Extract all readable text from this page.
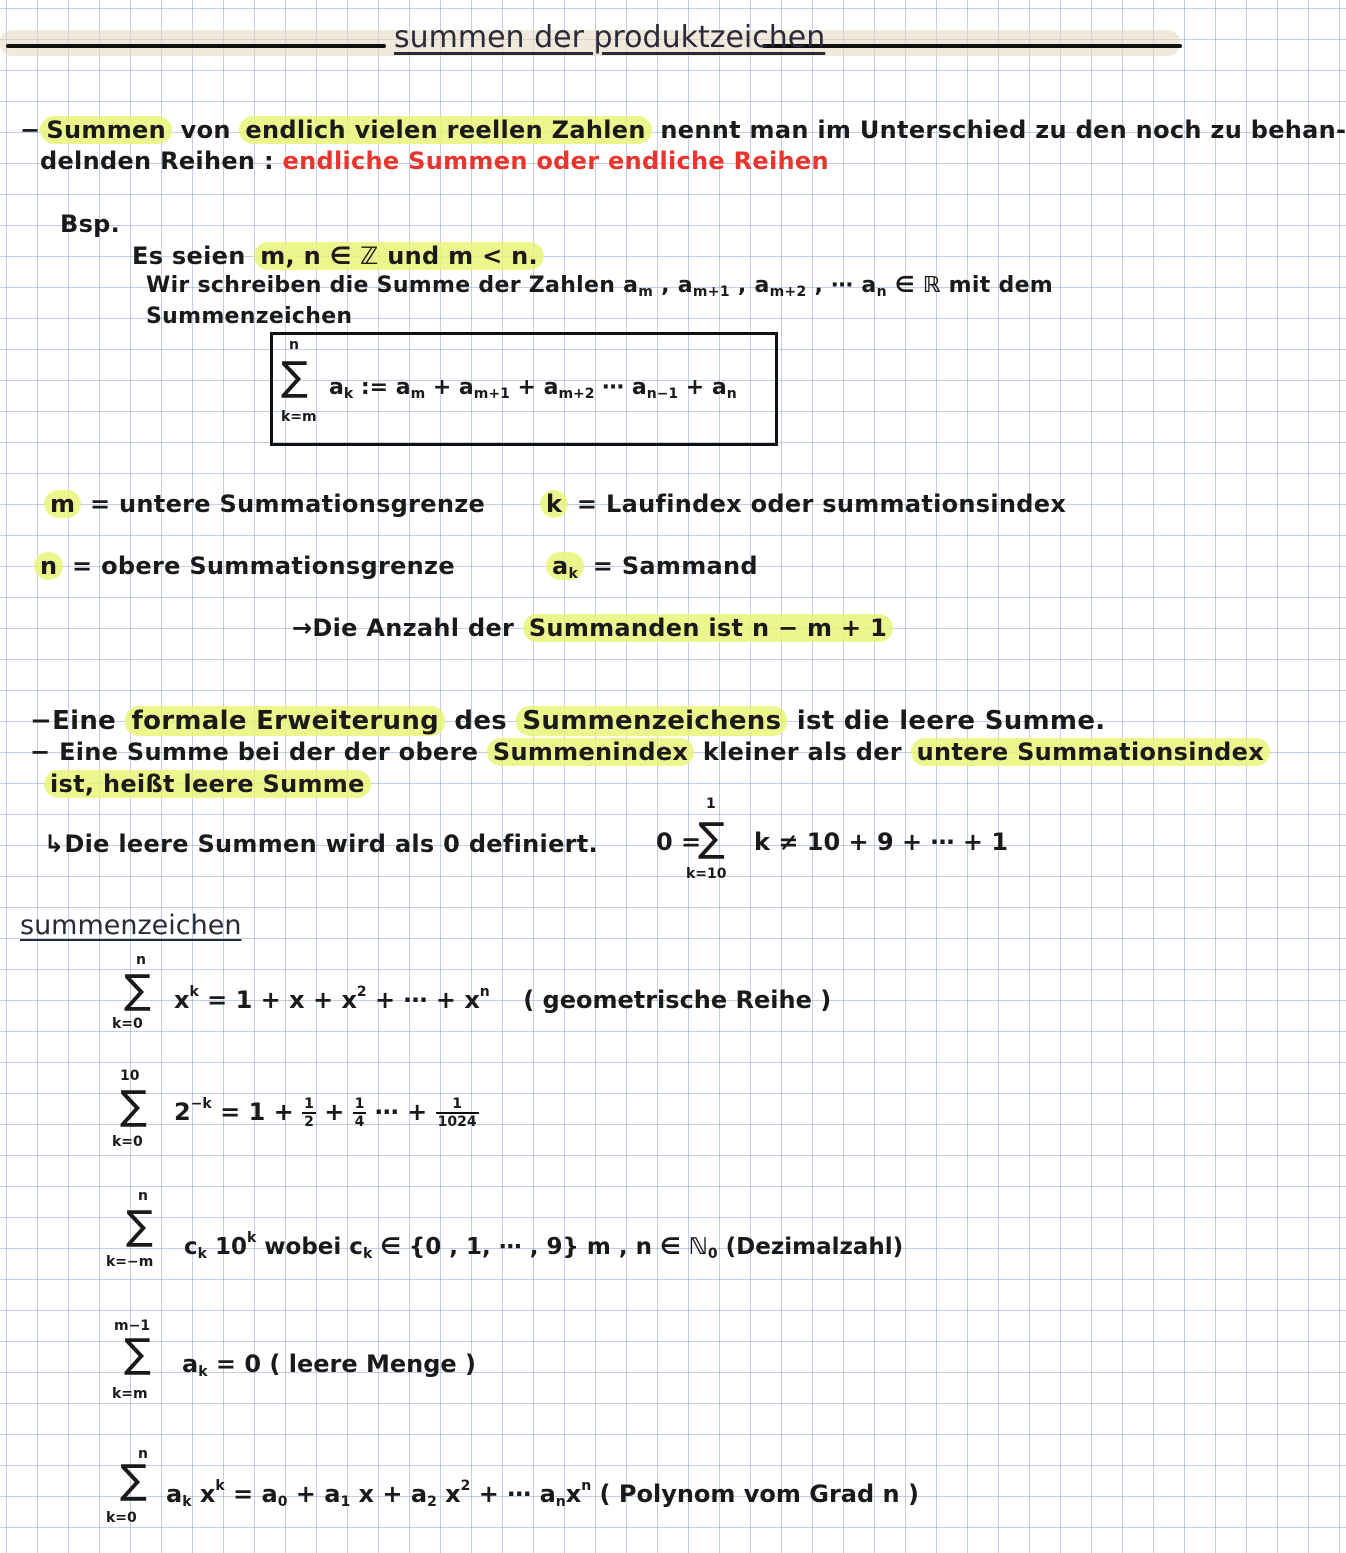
summen der produktzeichen
− Summen von endlich vielen reellen Zahlen nennt man im Unterschied zu den noch zu behan-
delnden Reihen : endliche Summen oder endliche Reihen
Bsp.
Es seien m, n ∈ ℤ und m < n.
Wir schreiben die Summe der Zahlen $a_m$ , $a_{m+1}$ , $a_{m+2}$ , ⋯ $a_n$ ∈ ℝ mit dem
Summenzeichen
n
∑
k=m
$a_k$ := $a_m + a_{m+1} + a_{m+2}$ ⋯ $a_{n-1} + a_n$
m = untere Summationsgrenze	k = Laufindex oder summationsindex
n = obere Summationsgrenze	$a_k$ = Sammand
→Die Anzahl der Summanden ist n − m + 1
−Eine formale Erweiterung des Summenzeichens ist die leere Summe.
− Eine Summe bei der der obere Summenindex kleiner als der untere Summationsindex
ist, heißt leere Summe
↳Die leere Summen wird als 0 definiert.
1
0 =
∑
k=10
k ≠ 10 + 9 + ⋯ + 1
summenzeichen
n
∑
k=0
$x^k = 1 + x + x^2$ + ⋯ + $x^n$ ( geometrische Reihe )
10
∑
k=0
$2^{-k} = 1 + \frac{1}{2} + \frac{1}{4}$ ⋯ + $\frac{1}{1024}$
n
∑
k=−m
$c_k$ 10$^k$ wobei $c_k$ ∈ {0 , 1, ⋯ , 9} m , n ∈ ℕ$_0$ (Dezimalzahl)
m−1
∑
k=m
$a_k = 0$ ( leere Menge )
n
∑
k=0
$a_k$ $x^k = a_0 + a_1$ $x + a_2$ $x^2$ + ⋯ $a_nx^n$ ( Polynom vom Grad n )
